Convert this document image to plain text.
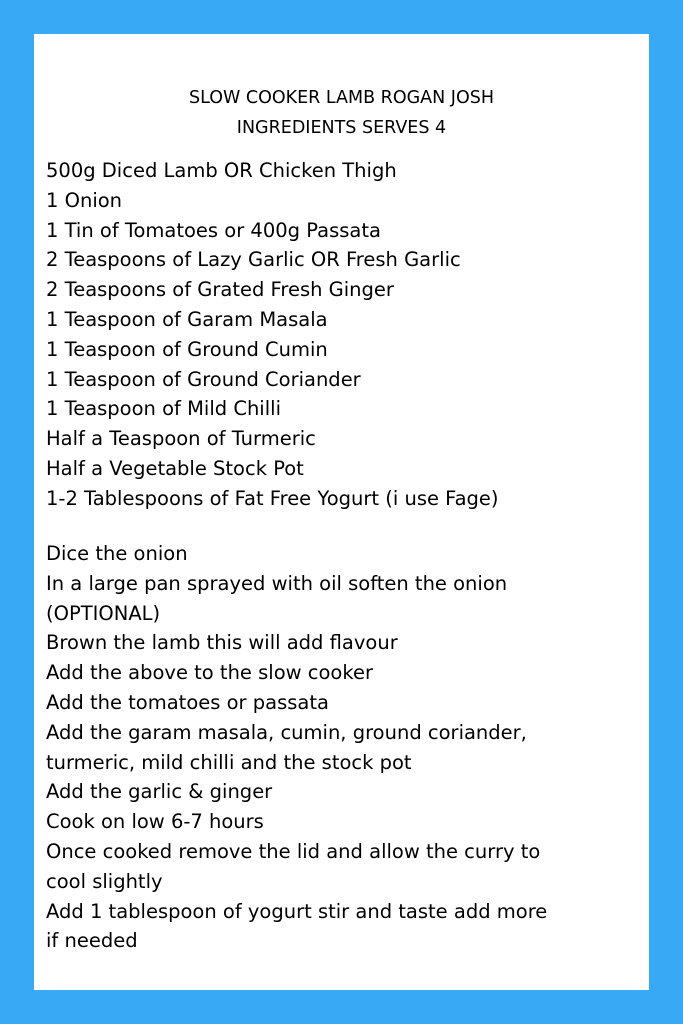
SLOW COOKER LAMB ROGAN JOSH
INGREDIENTS SERVES 4
500g Diced Lamb OR Chicken Thigh
1 Onion
1 Tin of Tomatoes or 400g Passata
2 Teaspoons of Lazy Garlic OR Fresh Garlic
2 Teaspoons of Grated Fresh Ginger
1 Teaspoon of Garam Masala
1 Teaspoon of Ground Cumin
1 Teaspoon of Ground Coriander
1 Teaspoon of Mild Chilli
Half a Teaspoon of Turmeric
Half a Vegetable Stock Pot
1-2 Tablespoons of Fat Free Yogurt (i use Fage)
Dice the onion
In a large pan sprayed with oil soften the onion
(OPTIONAL)
Brown the lamb this will add flavour
Add the above to the slow cooker
Add the tomatoes or passata
Add the garam masala, cumin, ground coriander,
turmeric, mild chilli and the stock pot
Add the garlic & ginger
Cook on low 6-7 hours
Once cooked remove the lid and allow the curry to
cool slightly
Add 1 tablespoon of yogurt stir and taste add more
if needed
